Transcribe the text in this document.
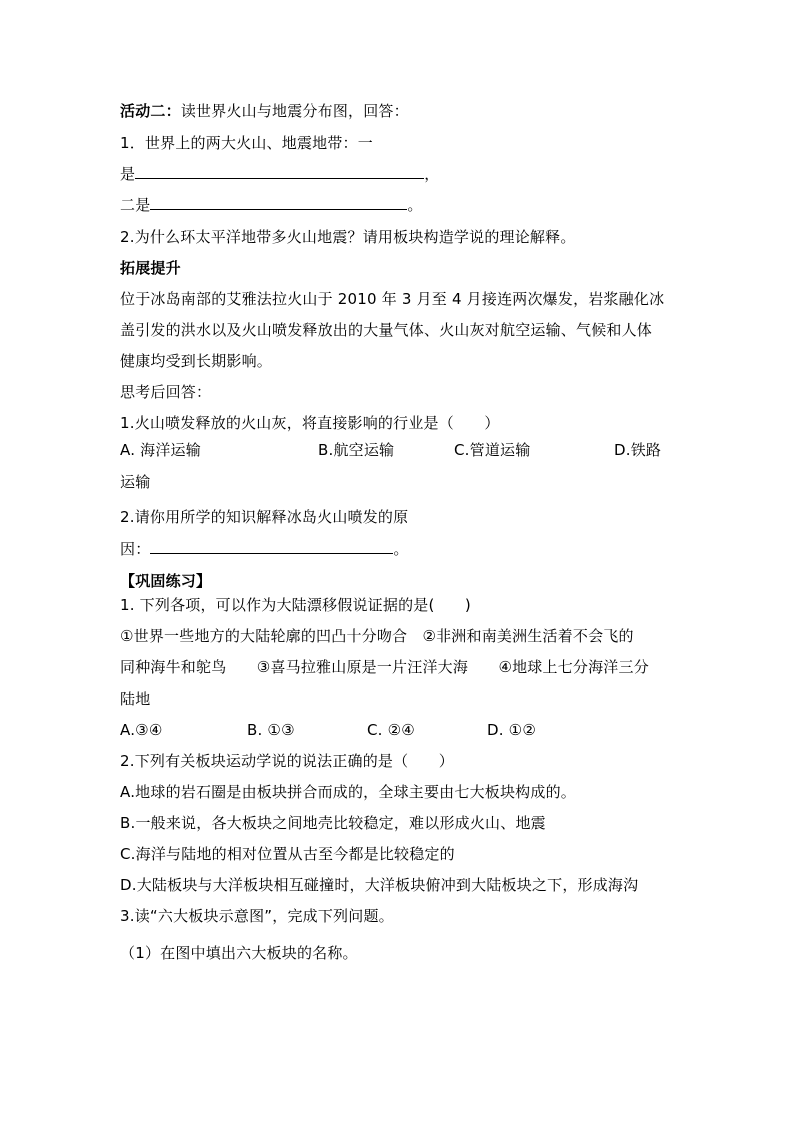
活动二：读世界火山与地震分布图，回答：
1．世界上的两大火山、地震地带：一
是	，
二是	。
2.为什么环太平洋地带多火山地震？请用板块构造学说的理论解释。
拓展提升
位于冰岛南部的艾雅法拉火山于 2010 年 3 月至 4 月接连两次爆发，岩浆融化冰
盖引发的洪水以及火山喷发释放出的大量气体、火山灰对航空运输、气候和人体
健康均受到长期影响。
思考后回答：
1.火山喷发释放的火山灰，将直接影响的行业是（　　）
A. 海洋运输	B.航空运输	C.管道运输	D.铁路
运输
2.请你用所学的知识解释冰岛火山喷发的原
因：	。
【巩固练习】
1. 下列各项，可以作为大陆漂移假说证据的是(　　)
①世界一些地方的大陆轮廓的凹凸十分吻合　②非洲和南美洲生活着不会飞的
同种海牛和鸵鸟　　③喜马拉雅山原是一片汪洋大海　　④地球上七分海洋三分
陆地
A.③④	B. ①③	C. ②④	D. ①②
2.下列有关板块运动学说的说法正确的是（　　）
A.地球的岩石圈是由板块拼合而成的，全球主要由七大板块构成的。
B.一般来说，各大板块之间地壳比较稳定，难以形成火山、地震
C.海洋与陆地的相对位置从古至今都是比较稳定的
D.大陆板块与大洋板块相互碰撞时，大洋板块俯冲到大陆板块之下，形成海沟
3.读“六大板块示意图”，完成下列问题。
（1）在图中填出六大板块的名称。
